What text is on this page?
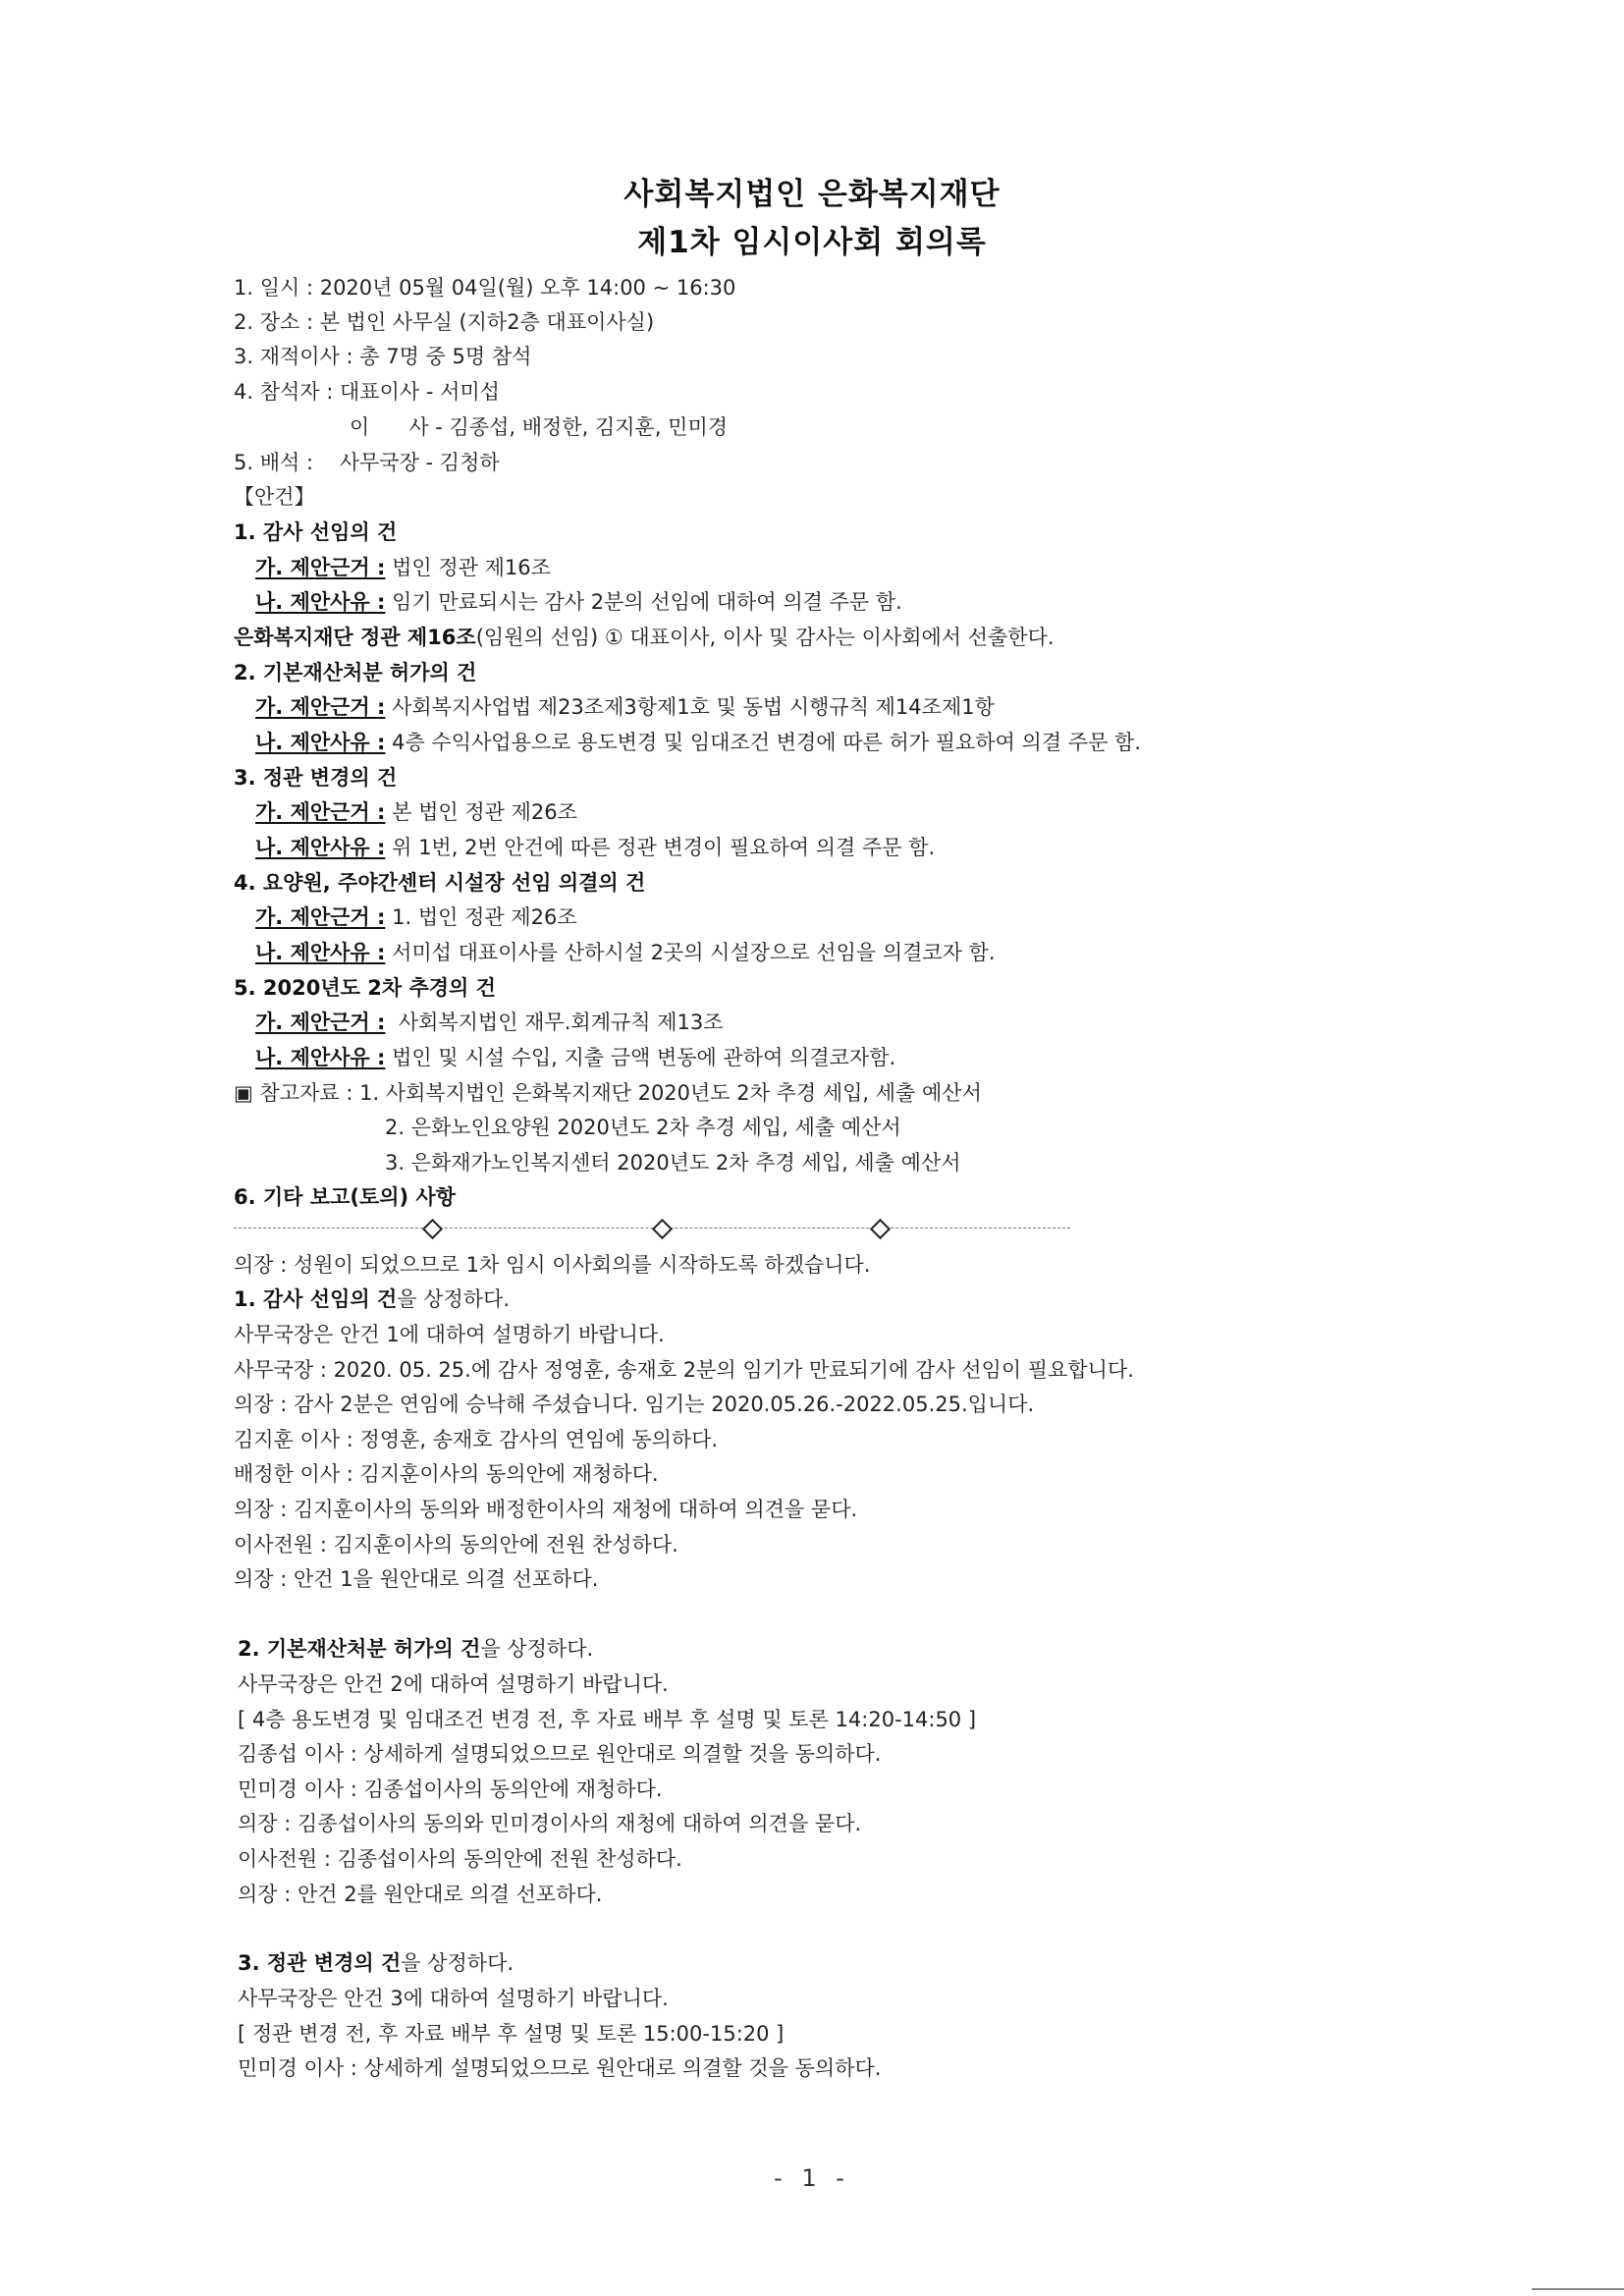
사회복지법인 은화복지재단
제1차 임시이사회 회의록
1. 일시 : 2020년 05월 04일(월) 오후 14:00 ~ 16:30
2. 장소 : 본 법인 사무실 (지하2층 대표이사실)
3. 재적이사 : 총 7명 중 5명 참석
4. 참석자 : 대표이사 - 서미섭
이      사 - 김종섭, 배정한, 김지훈, 민미경
5. 배석 :    사무국장 - 김청하
【안건】
1. 감사 선임의 건
가. 제안근거 : 법인 정관 제16조
나. 제안사유 : 임기 만료되시는 감사 2분의 선임에 대하여 의결 주문 함.
은화복지재단 정관 제16조(임원의 선임) ① 대표이사, 이사 및 감사는 이사회에서 선출한다.
2. 기본재산처분 허가의 건
가. 제안근거 : 사회복지사업법 제23조제3항제1호 및 동법 시행규칙 제14조제1항
나. 제안사유 : 4층 수익사업용으로 용도변경 및 임대조건 변경에 따른 허가 필요하여 의결 주문 함.
3. 정관 변경의 건
가. 제안근거 : 본 법인 정관 제26조
나. 제안사유 : 위 1번, 2번 안건에 따른 정관 변경이 필요하여 의결 주문 함.
4. 요양원, 주야간센터 시설장 선임 의결의 건
가. 제안근거 : 1. 법인 정관 제26조
나. 제안사유 : 서미섭 대표이사를 산하시설 2곳의 시설장으로 선임을 의결코자 함.
5. 2020년도 2차 추경의 건
가. 제안근거 :  사회복지법인 재무.회계규칙 제13조
나. 제안사유 : 법인 및 시설 수입, 지출 금액 변동에 관하여 의결코자함.
▣ 참고자료 : 1. 사회복지법인 은화복지재단 2020년도 2차 추경 세입, 세출 예산서
2. 은화노인요양원 2020년도 2차 추경 세입, 세출 예산서
3. 은화재가노인복지센터 2020년도 2차 추경 세입, 세출 예산서
6. 기타 보고(토의) 사항
의장 : 성원이 되었으므로 1차 임시 이사회의를 시작하도록 하겠습니다.
1. 감사 선임의 건을 상정하다.
사무국장은 안건 1에 대하여 설명하기 바랍니다.
사무국장 : 2020. 05. 25.에 감사 정영훈, 송재호 2분의 임기가 만료되기에 감사 선임이 필요합니다.
의장 : 감사 2분은 연임에 승낙해 주셨습니다. 임기는 2020.05.26.-2022.05.25.입니다.
김지훈 이사 : 정영훈, 송재호 감사의 연임에 동의하다.
배정한 이사 : 김지훈이사의 동의안에 재청하다.
의장 : 김지훈이사의 동의와 배정한이사의 재청에 대하여 의견을 묻다.
이사전원 : 김지훈이사의 동의안에 전원 찬성하다.
의장 : 안건 1을 원안대로 의결 선포하다.
2. 기본재산처분 허가의 건을 상정하다.
사무국장은 안건 2에 대하여 설명하기 바랍니다.
[ 4층 용도변경 및 임대조건 변경 전, 후 자료 배부 후 설명 및 토론 14:20-14:50 ]
김종섭 이사 : 상세하게 설명되었으므로 원안대로 의결할 것을 동의하다.
민미경 이사 : 김종섭이사의 동의안에 재청하다.
의장 : 김종섭이사의 동의와 민미경이사의 재청에 대하여 의견을 묻다.
이사전원 : 김종섭이사의 동의안에 전원 찬성하다.
의장 : 안건 2를 원안대로 의결 선포하다.
3. 정관 변경의 건을 상정하다.
사무국장은 안건 3에 대하여 설명하기 바랍니다.
[ 정관 변경 전, 후 자료 배부 후 설명 및 토론 15:00-15:20 ]
민미경 이사 : 상세하게 설명되었으므로 원안대로 의결할 것을 동의하다.
- 1 -
